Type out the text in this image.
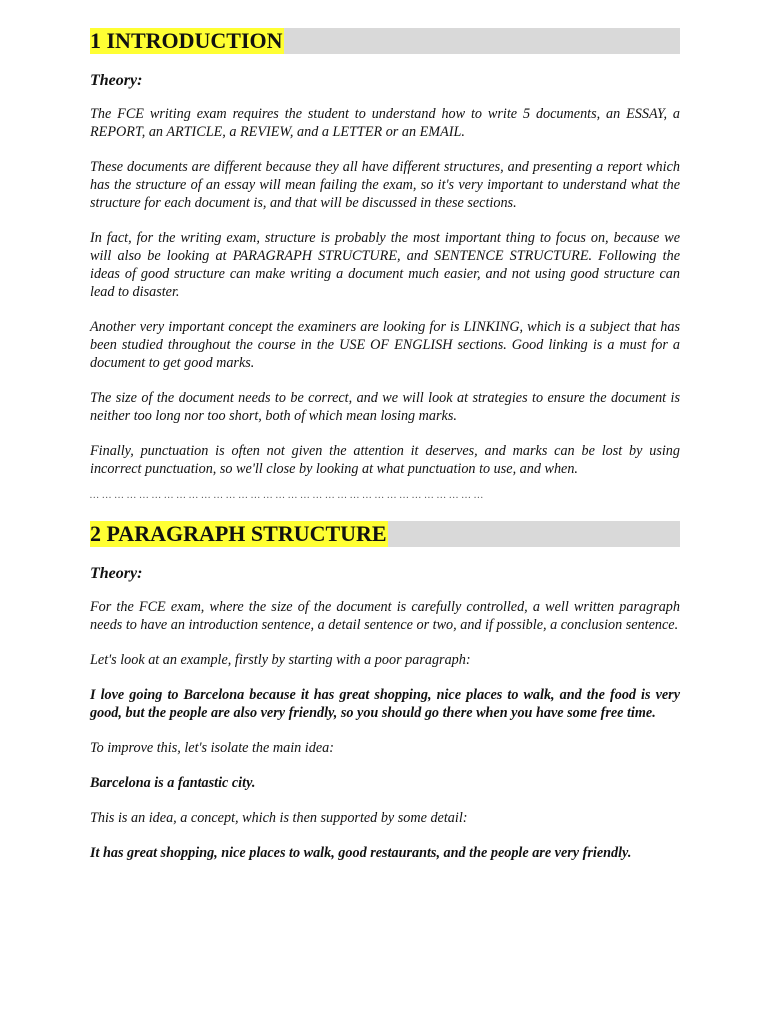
1 INTRODUCTION
Theory:

The FCE writing exam requires the student to understand how to write 5 documents, an ESSAY, a REPORT, an ARTICLE, a REVIEW, and a LETTER or an EMAIL.

These documents are different because they all have different structures, and presenting a report which has the structure of an essay will mean failing the exam, so it's very important to understand what the structure for each document is, and that will be discussed in these sections.

In fact, for the writing exam, structure is probably the most important thing to focus on, because we will also be looking at PARAGRAPH STRUCTURE, and SENTENCE STRUCTURE. Following the ideas of good structure can make writing a document much easier, and not using good structure can lead to disaster.

Another very important concept the examiners are looking for is LINKING, which is a subject that has been studied throughout the course in the USE OF ENGLISH sections. Good linking is a must for a document to get good marks.

The size of the document needs to be correct, and we will look at strategies to ensure the document is neither too long nor too short, both of which mean losing marks.

Finally, punctuation is often not given the attention it deserves, and marks can be lost by using incorrect punctuation, so we'll close by looking at what punctuation to use, and when.

… … … … … … … … … … … … … … … … … … … … … … … … … … … … … … … …
2 PARAGRAPH STRUCTURE
Theory:

For the FCE exam, where the size of the document is carefully controlled, a well written paragraph needs to have an introduction sentence, a detail sentence or two, and if possible, a conclusion sentence.

Let's look at an example, firstly by starting with a poor paragraph:

I love going to Barcelona because it has great shopping, nice places to walk, and the food is very good, but the people are also very friendly, so you should go there when you have some free time.

To improve this, let's isolate the main idea:

Barcelona is a fantastic city.

This is an idea, a concept, which is then supported by some detail:

It has great shopping, nice places to walk, good restaurants, and the people are very friendly.
